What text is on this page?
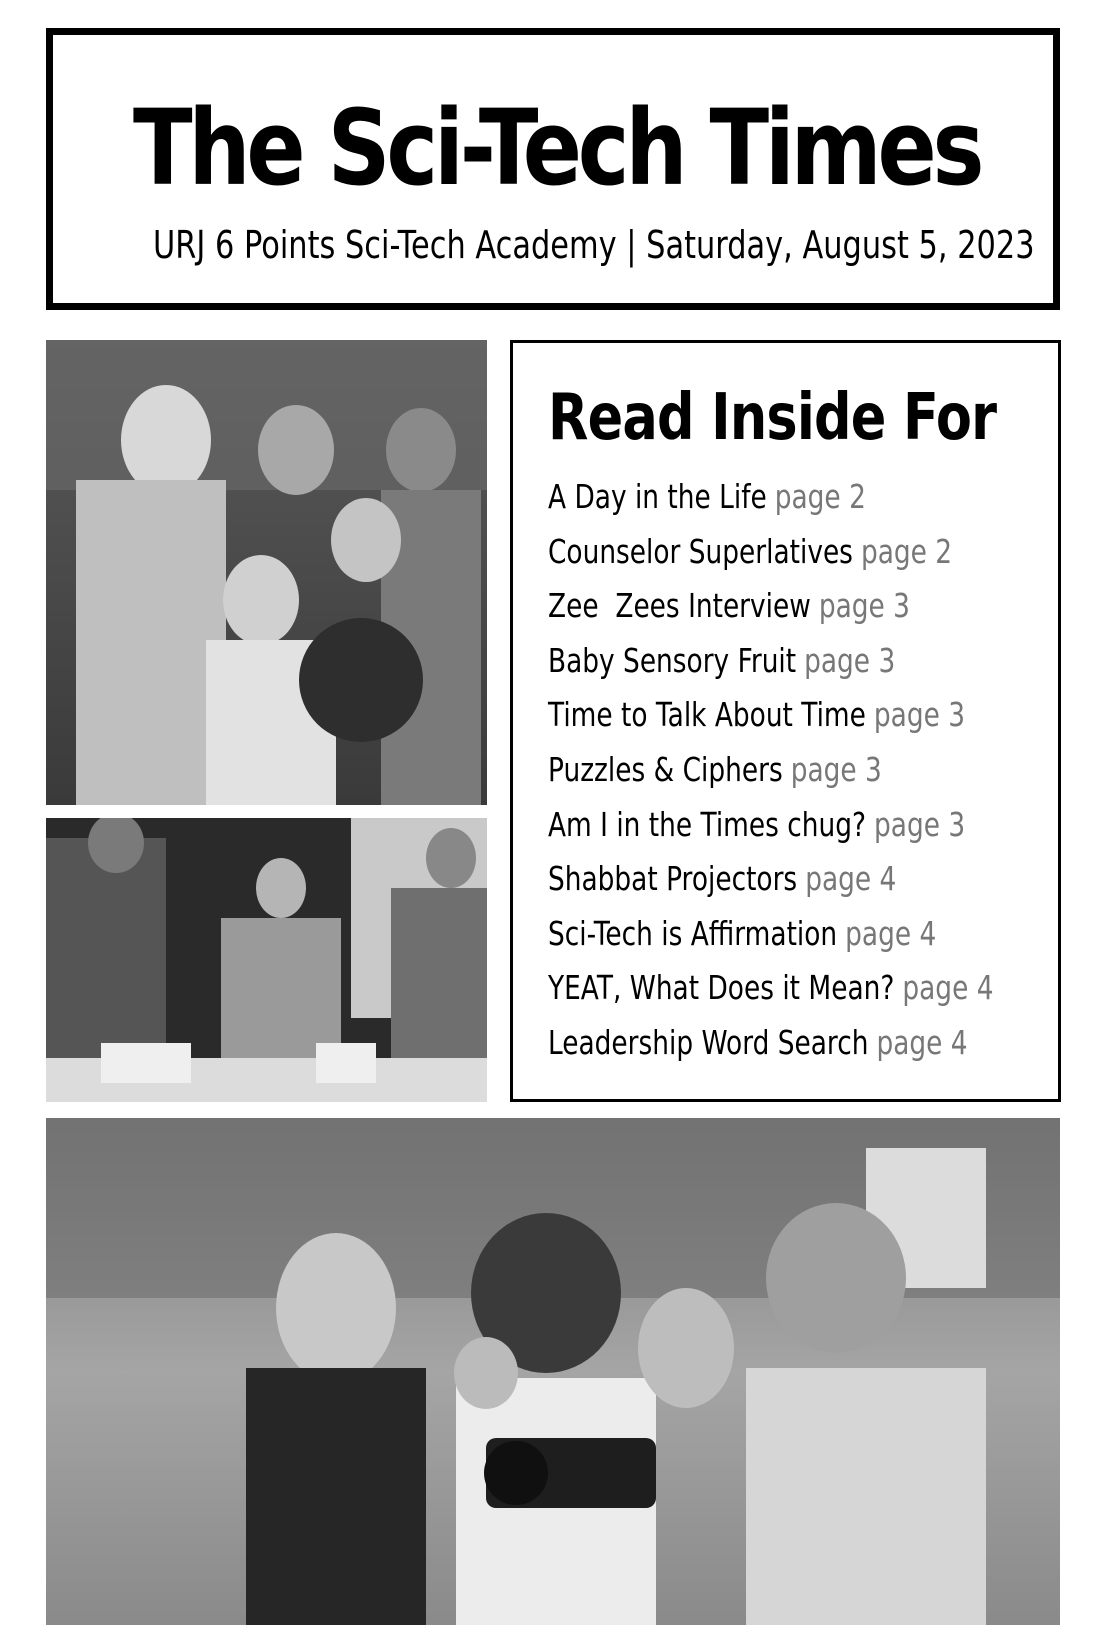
The Sci-Tech Times
URJ 6 Points Sci-Tech Academy | Saturday, August 5, 2023
Read Inside For
A Day in the Life page 2
Counselor Superlatives page 2
Zee  Zees Interview page 3
Baby Sensory Fruit page 3
Time to Talk About Time page 3
Puzzles & Ciphers page 3
Am I in the Times chug? page 3
Shabbat Projectors page 4
Sci-Tech is Affirmation page 4
YEAT, What Does it Mean? page 4
Leadership Word Search page 4
